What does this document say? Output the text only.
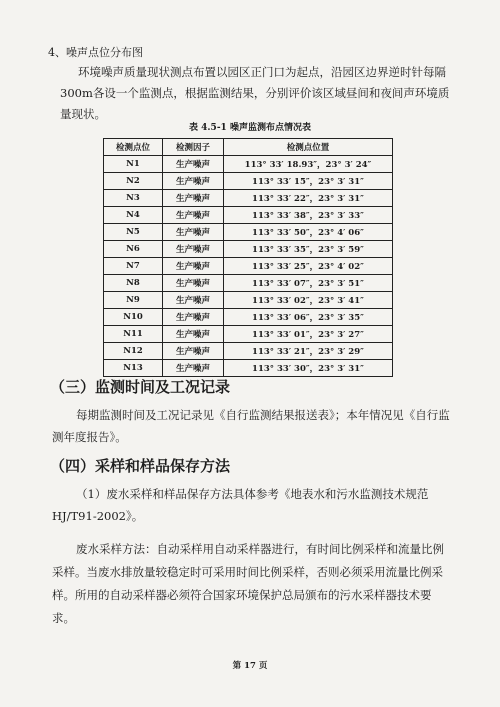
4、噪声点位分布图
环境噪声质量现状测点布置以园区正门口为起点，沿园区边界逆时针每隔300m各设一个监测点，根据监测结果，分别评价该区域昼间和夜间声环境质量现状。
表 4.5-1 噪声监测布点情况表
检测点位	检测因子	检测点位置
N1	生产噪声	113° 33′ 18.93″，23° 3′ 24″
N2	生产噪声	113° 33′ 15″，23° 3′ 31″
N3	生产噪声	113° 33′ 22″，23° 3′ 31″
N4	生产噪声	113° 33′ 38″，23° 3′ 33″
N5	生产噪声	113° 33′ 50″，23° 4′ 06″
N6	生产噪声	113° 33′ 35″，23° 3′ 59″
N7	生产噪声	113° 33′ 25″，23° 4′ 02″
N8	生产噪声	113° 33′ 07″，23° 3′ 51″
N9	生产噪声	113° 33′ 02″，23° 3′ 41″
N10	生产噪声	113° 33′ 06″，23° 3′ 35″
N11	生产噪声	113° 33′ 01″，23° 3′ 27″
N12	生产噪声	113° 33′ 21″，23° 3′ 29″
N13	生产噪声	113° 33′ 30″，23° 3′ 31″
（三）监测时间及工况记录
每期监测时间及工况记录见《自行监测结果报送表》；本年情况见《自行监测年度报告》。
（四）采样和样品保存方法
（1）废水采样和样品保存方法具体参考《地表水和污水监测技术规范HJ/T91-2002》。
废水采样方法：自动采样用自动采样器进行，有时间比例采样和流量比例采样。当废水排放量较稳定时可采用时间比例采样，否则必须采用流量比例采样。所用的自动采样器必须符合国家环境保护总局颁布的污水采样器技术要求。
第 17 页
